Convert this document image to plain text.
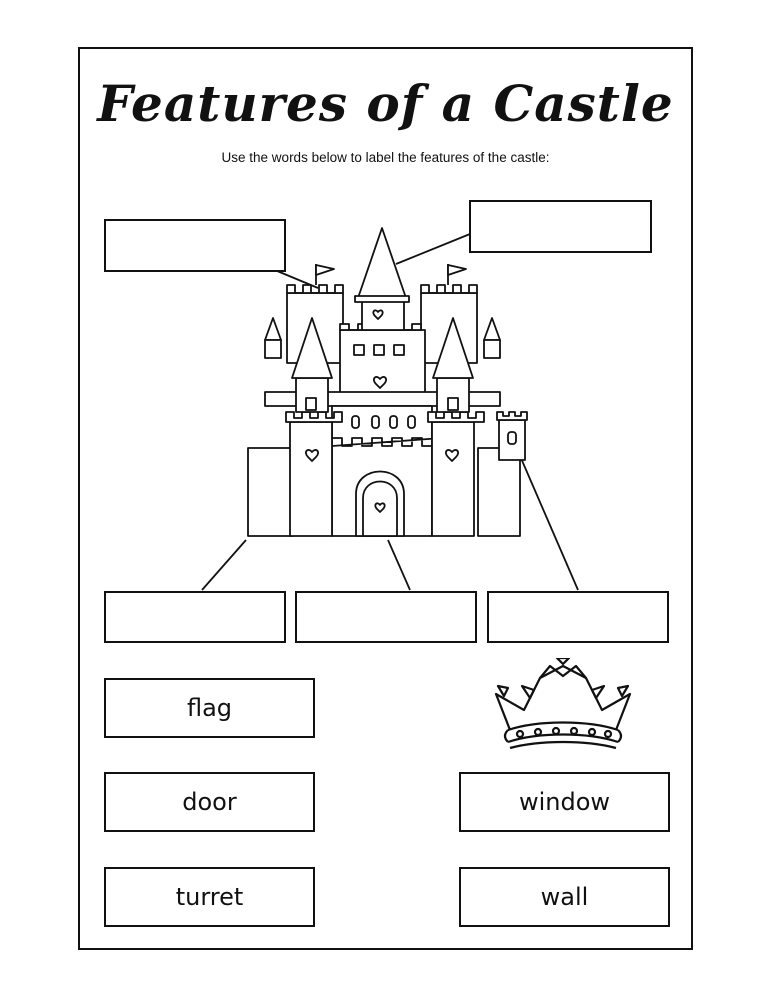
Features of a Castle
Use the words below to label the features of the castle:
flag
door	window
turret	wall
